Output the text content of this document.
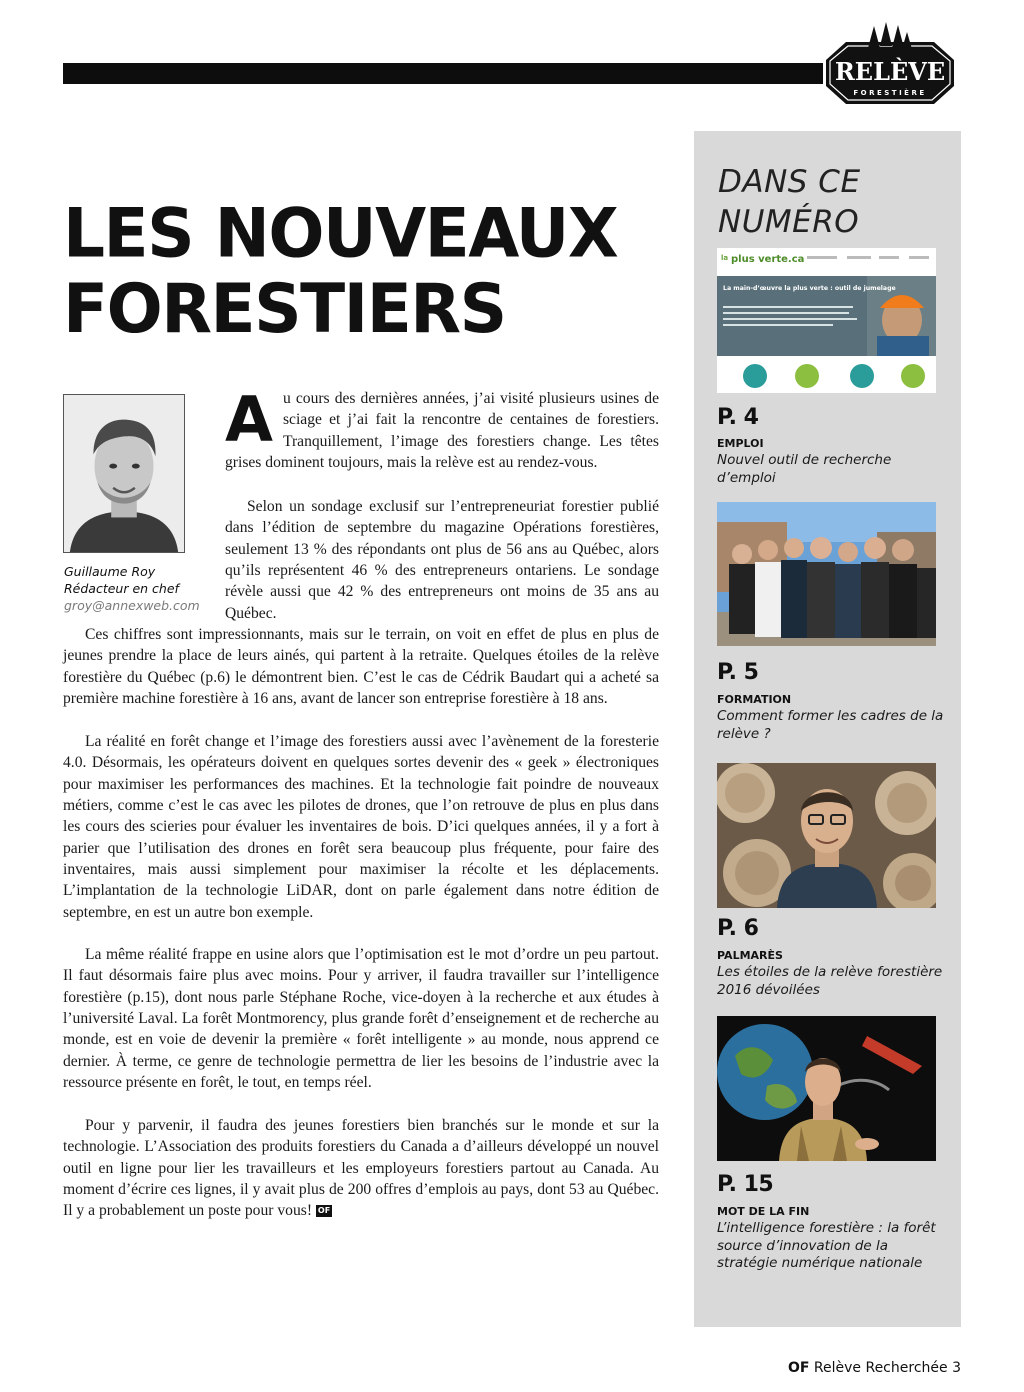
RELÈVE
FORESTIÈRE
LES NOUVEAUX
FORESTIERS
Guillaume Roy
Rédacteur en chef
groy@annexweb.com

Au cours des dernières années, j’ai visité plusieurs usines de sciage et j’ai fait la rencontre de centaines de forestiers. Tranquillement, l’image des forestiers change. Les têtes grises dominent toujours, mais la relève est au rendez-vous.

Selon un sondage exclusif sur l’entrepreneuriat forestier publié dans l’édition de septembre du magazine Opérations forestières, seulement 13 % des répondants ont plus de 56 ans au Québec, alors qu’ils représentent 46 % des entrepreneurs ontariens. Le sondage révèle aussi que 42 % des entrepreneurs ont moins de 35 ans au Québec.

Ces chiffres sont impressionnants, mais sur le terrain, on voit en effet de plus en plus de jeunes prendre la place de leurs ainés, qui partent à la retraite. Quelques étoiles de la relève forestière du Québec (p.6) le démontrent bien. C’est le cas de Cédrik Baudart qui a acheté sa première machine forestière à 16 ans, avant de lancer son entreprise forestière à 18 ans.

La réalité en forêt change et l’image des forestiers aussi avec l’avènement de la foresterie 4.0. Désormais, les opérateurs doivent en quelques sortes devenir des « geek » électroniques pour maximiser les performances des machines. Et la technologie fait poindre de nouveaux métiers, comme c’est le cas avec les pilotes de drones, que l’on retrouve de plus en plus dans les cours des scieries pour évaluer les inventaires de bois. D’ici quelques années, il y a fort à parier que l’utilisation des drones en forêt sera beaucoup plus fréquente, pour faire des inventaires, mais aussi simplement pour maximiser la récolte et les déplacements. L’implantation de la technologie LiDAR, dont on parle également dans notre édition de septembre, en est un autre bon exemple.

La même réalité frappe en usine alors que l’optimisation est le mot d’ordre un peu partout. Il faut désormais faire plus avec moins. Pour y arriver, il faudra travailler sur l’intelligence forestière (p.15), dont nous parle Stéphane Roche, vice-doyen à la recherche et aux études à l’université Laval. La forêt Montmorency, plus grande forêt d’enseignement et de recherche au monde, est en voie de devenir la première « forêt intelligente » au monde, nous apprend ce dernier. À terme, ce genre de technologie permettra de lier les besoins de l’industrie avec la ressource présente en forêt, le tout, en temps réel.

Pour y parvenir, il faudra des jeunes forestiers bien branchés sur le monde et sur la technologie. L’Association des produits forestiers du Canada a d’ailleurs développé un nouvel outil en ligne pour lier les travailleurs et les employeurs forestiers partout au Canada. Au moment d’écrire ces lignes, il y avait plus de 200 offres d’emplois au pays, dont 53 au Québec. Il y a probablement un poste pour vous! OF

DANS CE
NUMÉRO
la plus verte.ca
La main-d’œuvre la plus verte : outil de jumelage
P. 4
EMPLOI
Nouvel outil de recherche d’emploi
P. 5
FORMATION
Comment former les cadres de la relève ?
P. 6
PALMARÈS
Les étoiles de la relève forestière 2016 dévoilées
P. 15
MOT DE LA FIN
L’intelligence forestière : la forêt source d’innovation de la stratégie numérique nationale
OF Relève Recherchée 3
